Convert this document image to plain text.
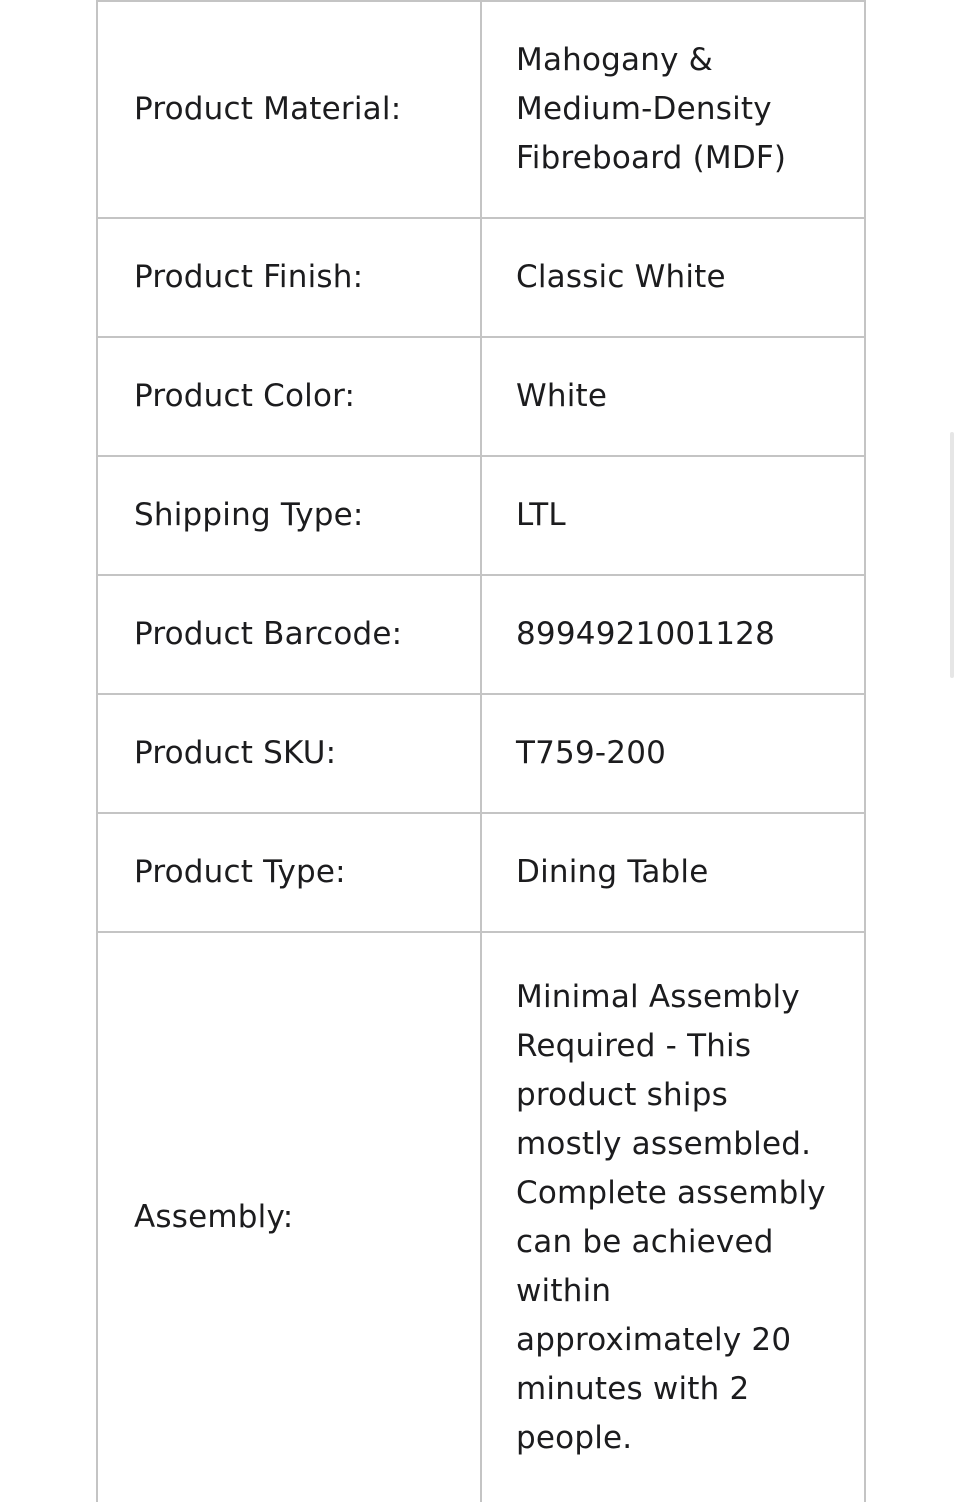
Product Material:	Mahogany & Medium-Density Fibreboard (MDF)
Product Finish:	Classic White
Product Color:	White
Shipping Type:	LTL
Product Barcode:	8994921001128
Product SKU:	T759-200
Product Type:	Dining Table
Assembly:	Minimal Assembly Required - This product ships mostly assembled. Complete assembly can be achieved within approximately 20 minutes with 2 people.
